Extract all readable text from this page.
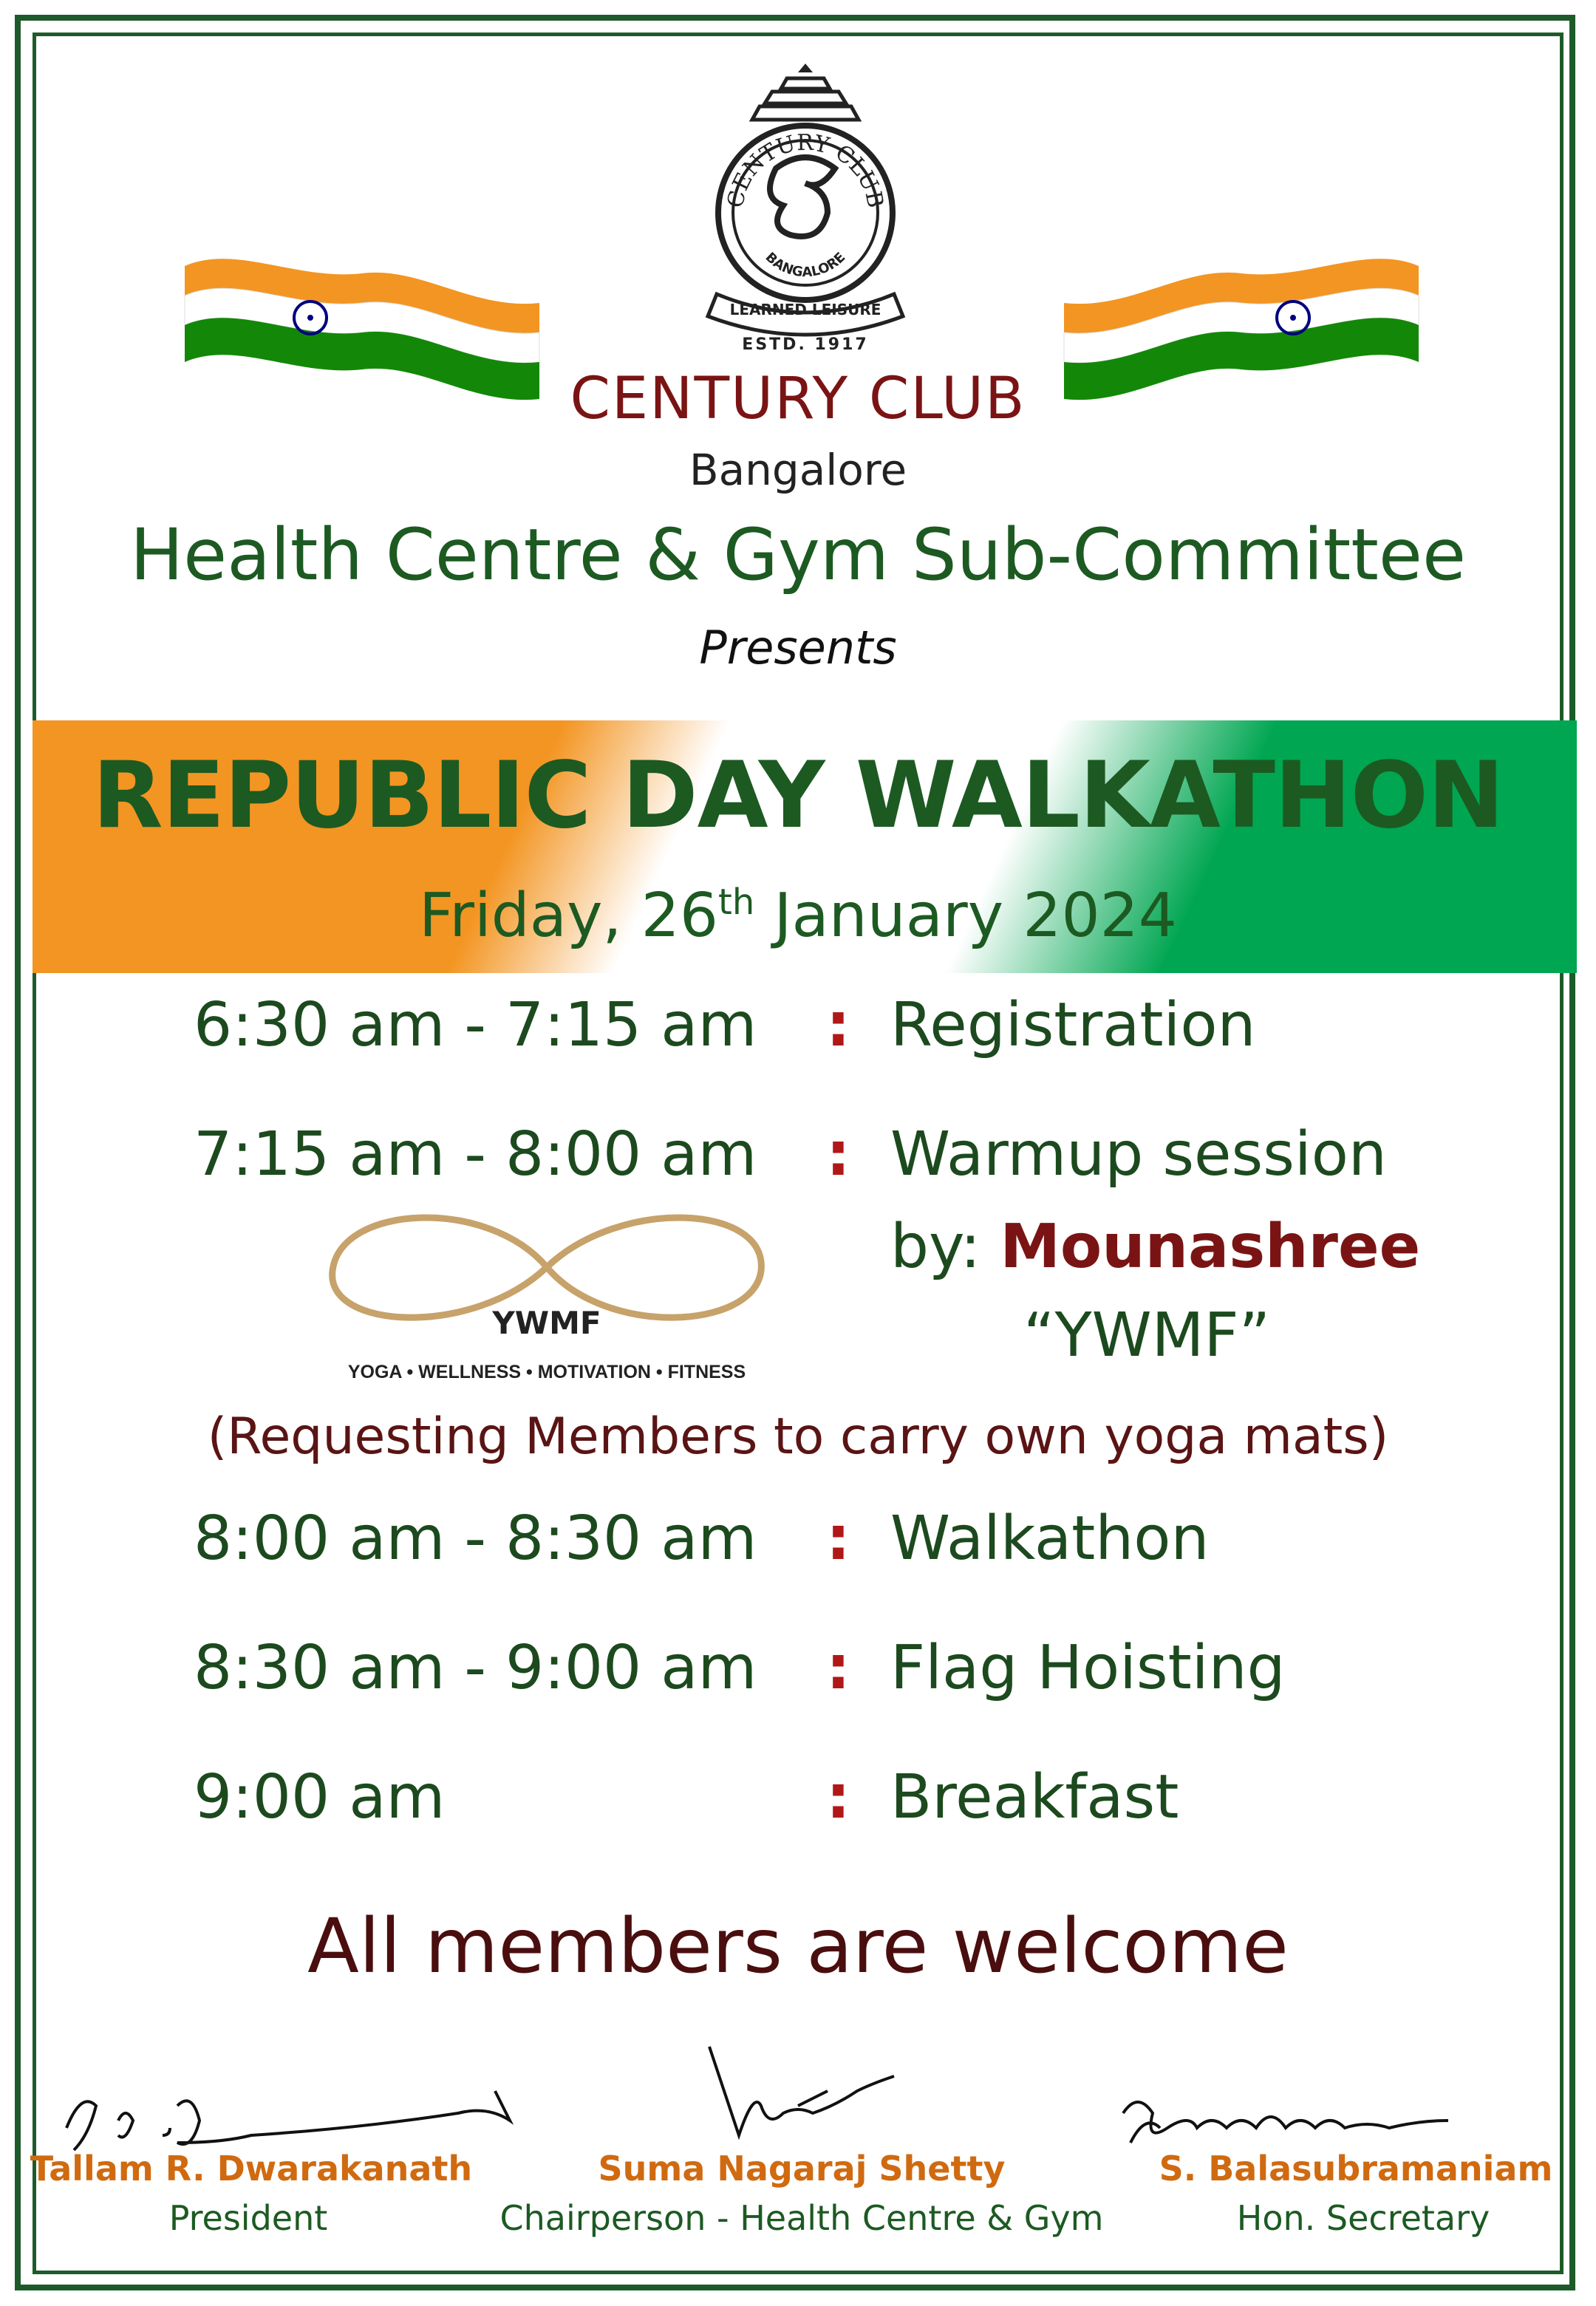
CENTURY CLUB
BANGALORE
LEARNED LEISURE
ESTD. 1917
CENTURY CLUB
Bangalore
Health Centre & Gym Sub-Committee
Presents
REPUBLIC DAY WALKATHON
Friday, 26th January 2024
6:30 am - 7:15 am : Registration
7:15 am - 8:00 am : Warmup session
by: Mounashree
“YWMF”
YWMF
YOGA • WELLNESS • MOTIVATION • FITNESS
(Requesting Members to carry own yoga mats)
8:00 am - 8:30 am : Walkathon
8:30 am - 9:00 am : Flag Hoisting
9:00 am	: Breakfast
All members are welcome
Tallam R. Dwarakanath
President
Suma Nagaraj Shetty
Chairperson - Health Centre & Gym
S. Balasubramaniam
Hon. Secretary
